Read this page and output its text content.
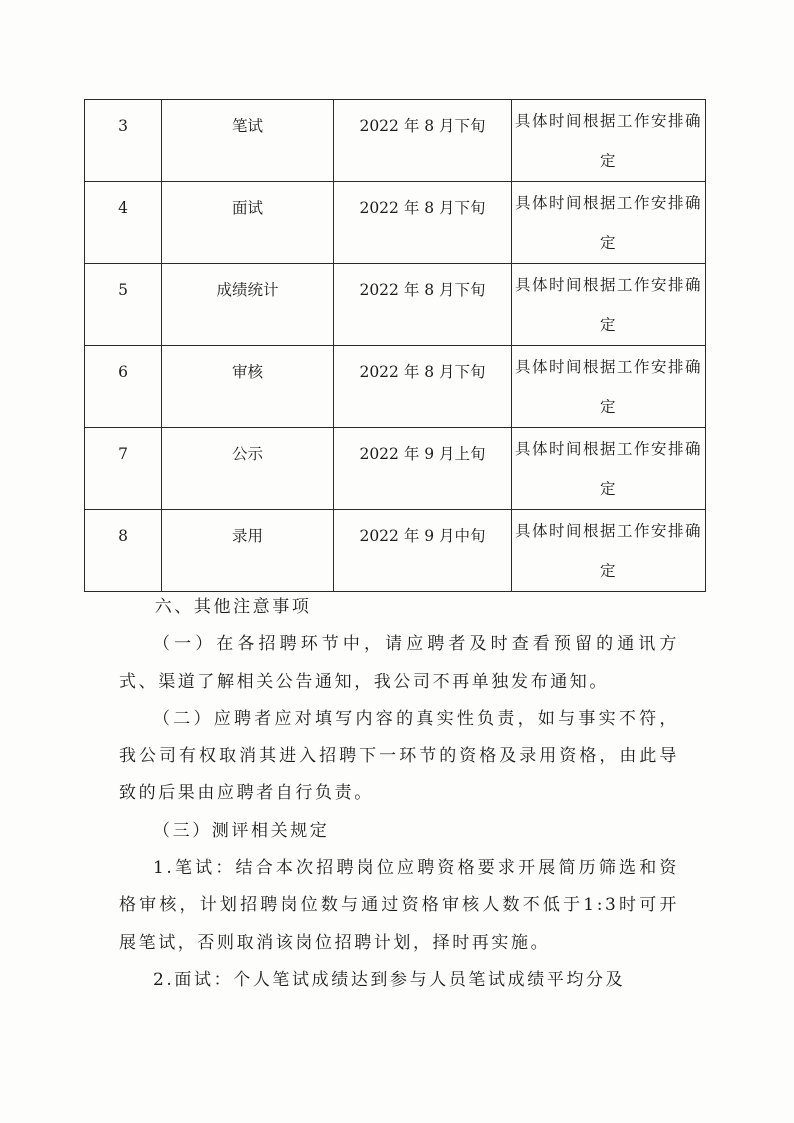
3	笔试	2022 年 8 月下旬	具体时间根据工作安排确定

4	面试	2022 年 8 月下旬	具体时间根据工作安排确定

5	成绩统计	2022 年 8 月下旬	具体时间根据工作安排确定

6	审核	2022 年 8 月下旬	具体时间根据工作安排确定

7	公示	2022 年 9 月上旬	具体时间根据工作安排确定

8	录用	2022 年 9 月中旬	具体时间根据工作安排确定

六、其他注意事项

（一）在各招聘环节中，请应聘者及时查看预留的通讯方式、渠道了解相关公告通知，我公司不再单独发布通知。

（二）应聘者应对填写内容的真实性负责，如与事实不符，我公司有权取消其进入招聘下一环节的资格及录用资格，由此导致的后果由应聘者自行负责。

（三）测评相关规定

1.笔试：结合本次招聘岗位应聘资格要求开展简历筛选和资格审核，计划招聘岗位数与通过资格审核人数不低于1:3时可开展笔试，否则取消该岗位招聘计划，择时再实施。

2.面试：个人笔试成绩达到参与人员笔试成绩平均分及
